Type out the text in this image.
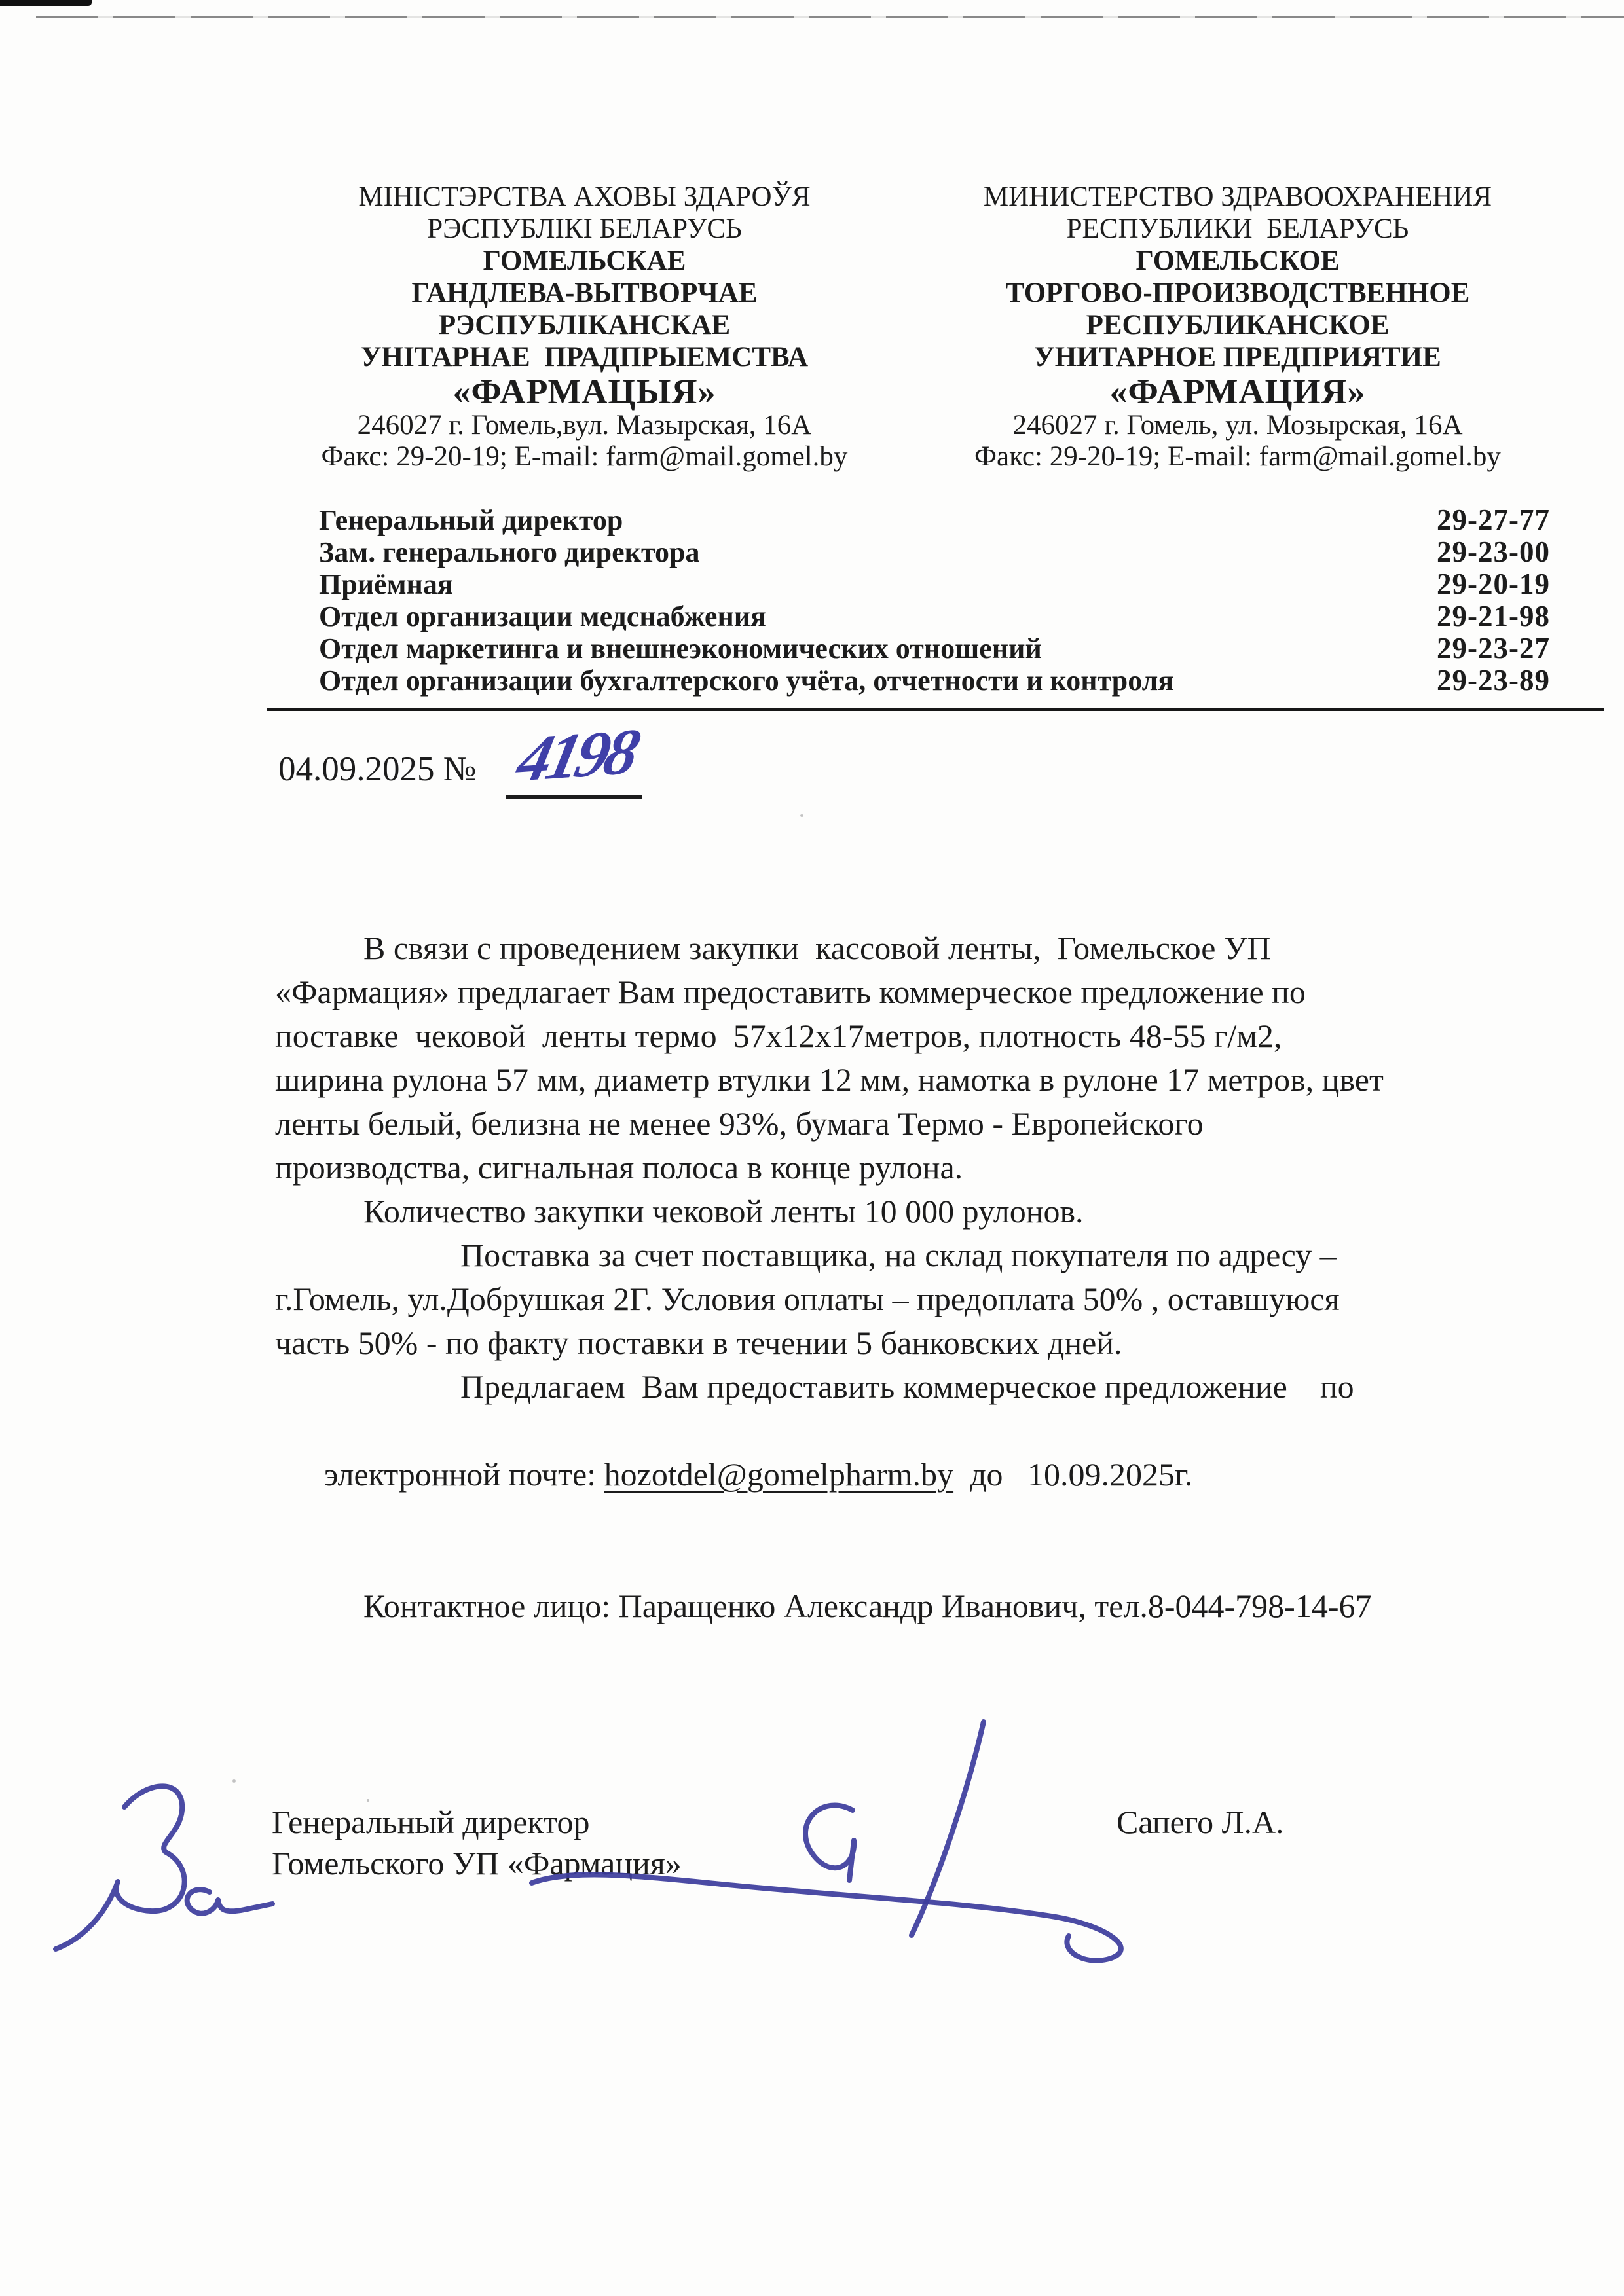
МІНІСТЭРСТВА АХОВЫ ЗДАРОЎЯ
РЭСПУБЛІКІ БЕЛАРУСЬ
ГОМЕЛЬСКАЕ
ГАНДЛЕВА-ВЫТВОРЧАЕ
РЭСПУБЛІКАНСКАЕ
УНІТАРНАЕ  ПРАДПРЫЕМСТВА
«ФАРМАЦЫЯ»
246027 г. Гомель,вул. Мазырская, 16А
Факс: 29-20-19; E-mail: farm@mail.gomel.by
МИНИСТЕРСТВО ЗДРАВООХРАНЕНИЯ
РЕСПУБЛИКИ  БЕЛАРУСЬ
ГОМЕЛЬСКОЕ
ТОРГОВО-ПРОИЗВОДСТВЕННОЕ
РЕСПУБЛИКАНСКОЕ
УНИТАРНОЕ ПРЕДПРИЯТИЕ
«ФАРМАЦИЯ»
246027 г. Гомель, ул. Мозырская, 16А
Факс: 29-20-19; E-mail: farm@mail.gomel.by
Генеральный директор	29-27-77
Зам. генерального директора	29-23-00
Приёмная	29-20-19
Отдел организации медснабжения	29-21-98
Отдел маркетинга и внешнеэкономических отношений	29-23-27
Отдел организации бухгалтерского учёта, отчетности и контроля	29-23-89
04.09.2025 № 4198
В связи с проведением закупки  кассовой ленты,  Гомельское УП
«Фармация» предлагает Вам предоставить коммерческое предложение по
поставке  чековой  ленты термо  57х12х17метров, плотность 48-55 г/м2,
ширина рулона 57 мм, диаметр втулки 12 мм, намотка в рулоне 17 метров, цвет
ленты белый, белизна не менее 93%, бумага Термо - Европейского
производства, сигнальная полоса в конце рулона.
Количество закупки чековой ленты 10 000 рулонов.
Поставка за счет поставщика, на склад покупателя по адресу –
г.Гомель, ул.Добрушкая 2Г. Условия оплаты – предоплата 50% , оставшуюся
часть 50% - по факту поставки в течении 5 банковских дней.
Предлагаем  Вам предоставить коммерческое предложение    по

электронной почте: hozotdel@gomelpharm.by  до   10.09.2025г.

Контактное лицо: Паращенко Александр Иванович, тел.8-044-798-14-67
Генеральный директор
Гомельского УП «Фармация»
Сапего Л.А.
